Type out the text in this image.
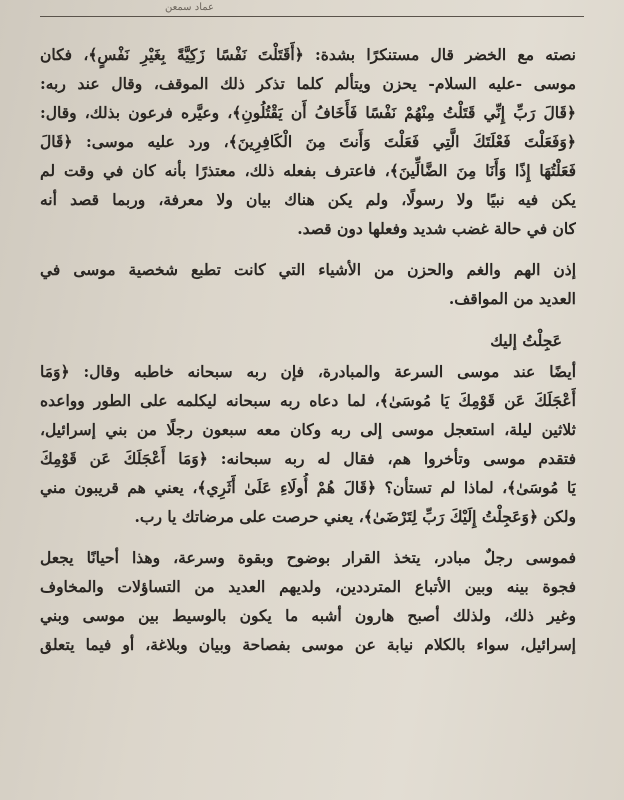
عماد سمعن
نصته مع الخضر قال مستنكرًا بشدة: ﴿أَقَتَلْتَ نَفْسًا زَكِيَّةً بِغَيْرِ نَفْسٍ﴾، فكان
موسى -عليه السلام- يحزن ويتألم كلما تذكر ذلك الموقف، وقال عند ربه:
﴿قَالَ رَبِّ إِنِّي قَتَلْتُ مِنْهُمْ نَفْسًا فَأَخَافُ أَن يَقْتُلُونِ﴾، وعيَّره فرعون بذلك، وقال:
﴿وَفَعَلْتَ فَعْلَتَكَ الَّتِي فَعَلْتَ وَأَنتَ مِنَ الْكَافِرِينَ﴾، ورد عليه موسى: ﴿قَالَ
فَعَلْتُهَا إِذًا وَأَنَا مِنَ الضَّالِّينَ﴾، فاعترف بفعله ذلك، معتذرًا بأنه كان في وقت لم
يكن فيه نبيًا ولا رسولًا، ولم يكن هناك بيان ولا معرفة، وربما قصد أنه
كان في حالة غضب شديد وفعلها دون قصد.
إذن الهم والغم والحزن من الأشياء التي كانت تطبع شخصية موسى في
العديد من المواقف.
عَجِلْتُ إليك
أيضًا عند موسى السرعة والمبادرة، فإن ربه سبحانه خاطبه وقال: ﴿وَمَا
أَعْجَلَكَ عَن قَوْمِكَ يَا مُوسَىٰ﴾، لما دعاه ربه سبحانه ليكلمه على الطور وواعده
ثلاثين ليلة، استعجل موسى إلى ربه وكان معه سبعون رجلًا من بني إسرائيل،
فتقدم موسى وتأخروا هم، فقال له ربه سبحانه: ﴿وَمَا أَعْجَلَكَ عَن قَوْمِكَ
يَا مُوسَىٰ﴾، لماذا لم تستأن؟ ﴿قَالَ هُمْ أُولَاءِ عَلَىٰ أَثَرِي﴾، يعني هم قريبون مني
ولكن ﴿وَعَجِلْتُ إِلَيْكَ رَبِّ لِتَرْضَىٰ﴾، يعني حرصت على مرضاتك يا رب.
فموسى رجلٌ مبادر، يتخذ القرار بوضوح وبقوة وسرعة، وهذا أحيانًا يجعل
فجوة بينه وبين الأتباع المترددين، ولديهم العديد من التساؤلات والمخاوف
وغير ذلك، ولذلك أصبح هارون أشبه ما يكون بالوسيط بين موسى وبني
إسرائيل، سواء بالكلام نيابة عن موسى بفصاحة وبيان وبلاغة، أو فيما يتعلق
